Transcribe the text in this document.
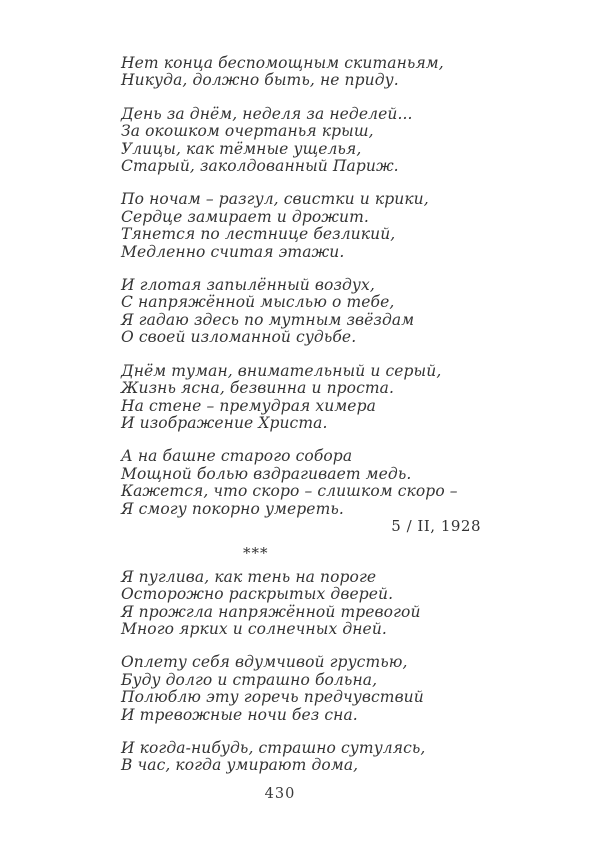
Нет конца беспомощным скитаньям,
Никуда, должно быть, не приду.
День за днём, неделя за неделей...
За окошком очертанья крыш,
Улицы, как тёмные ущелья,
Старый, заколдованный Париж.
По ночам – разгул, свистки и крики,
Сердце замирает и дрожит.
Тянется по лестнице безликий,
Медленно считая этажи.
И глотая запылённый воздух,
С напряжённой мыслью о тебе,
Я гадаю здесь по мутным звёздам
О своей изломанной судьбе.
Днём туман, внимательный и серый,
Жизнь ясна, безвинна и проста.
На стене – премудрая химера
И изображение Христа.
А на башне старого собора
Мощной болью вздрагивает медь.
Кажется, что скоро – слишком скоро –
Я смогу покорно умереть.
5 / II, 1928
***
Я пуглива, как тень на пороге
Осторожно раскрытых дверей.
Я прожгла напряжённой тревогой
Много ярких и солнечных дней.
Оплету себя вдумчивой грустью,
Буду долго и страшно больна,
Полюблю эту горечь предчувствий
И тревожные ночи без сна.
И когда-нибудь, страшно сутулясь,
В час, когда умирают дома,
430
